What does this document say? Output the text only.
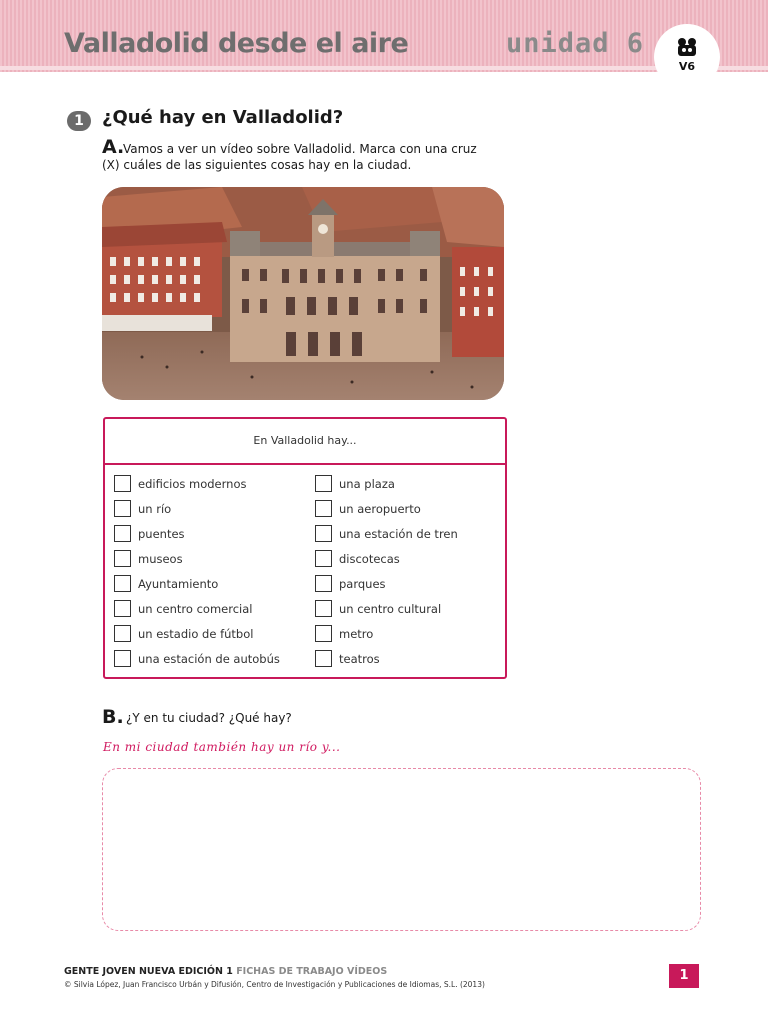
Valladolid desde el aire	unidad 6
V6
1	¿Qué hay en Valladolid?
A.
Vamos a ver un vídeo sobre Valladolid. Marca con una cruz (X) cuáles de las siguientes cosas hay en la ciudad.
En Valladolid hay...
edificios modernos
un río
puentes
museos
Ayuntamiento
un centro comercial
un estadio de fútbol
una estación de autobús
una plaza
un aeropuerto
una estación de tren
discotecas
parques
un centro cultural
metro
teatros
B. ¿Y en tu ciudad? ¿Qué hay?
En mi ciudad también hay un río y...
GENTE JOVEN NUEVA EDICIÓN 1 FICHAS DE TRABAJO VÍDEOS
© Silvia López, Juan Francisco Urbán y Difusión, Centro de Investigación y Publicaciones de Idiomas, S.L. (2013)
1
